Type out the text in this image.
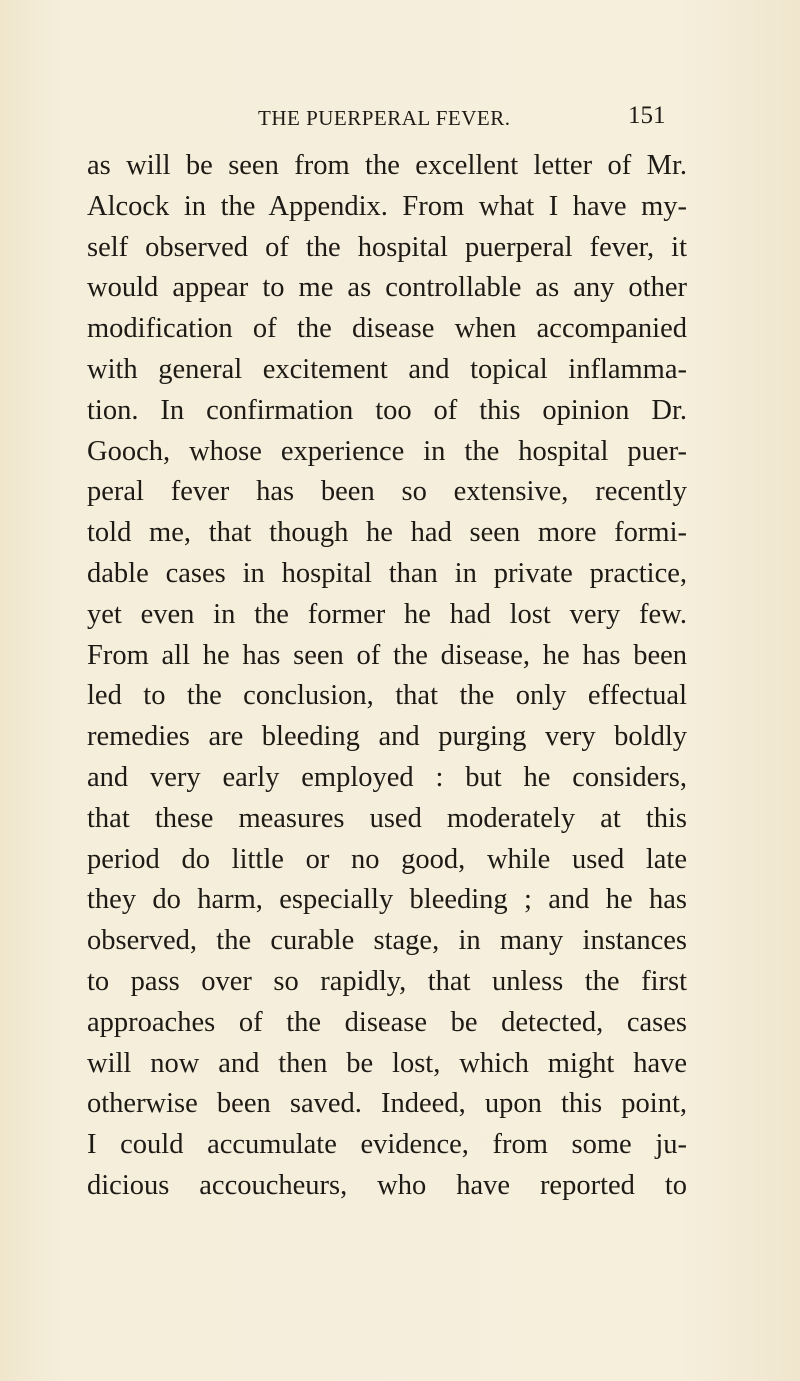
THE PUERPERAL FEVER.	151
as will be seen from the excellent letter of Mr.
Alcock in the Appendix. From what I have my-
self observed of the hospital puerperal fever, it
would appear to me as controllable as any other
modification of the disease when accompanied
with general excitement and topical inflamma-
tion. In confirmation too of this opinion Dr.
Gooch, whose experience in the hospital puer-
peral fever has been so extensive, recently
told me, that though he had seen more formi-
dable cases in hospital than in private practice,
yet even in the former he had lost very few.
From all he has seen of the disease, he has been
led to the conclusion, that the only effectual
remedies are bleeding and purging very boldly
and very early employed : but he considers,
that these measures used moderately at this
period do little or no good, while used late
they do harm, especially bleeding ; and he has
observed, the curable stage, in many instances
to pass over so rapidly, that unless the first
approaches of the disease be detected, cases
will now and then be lost, which might have
otherwise been saved. Indeed, upon this point,
I could accumulate evidence, from some ju-
dicious accoucheurs, who have reported to
